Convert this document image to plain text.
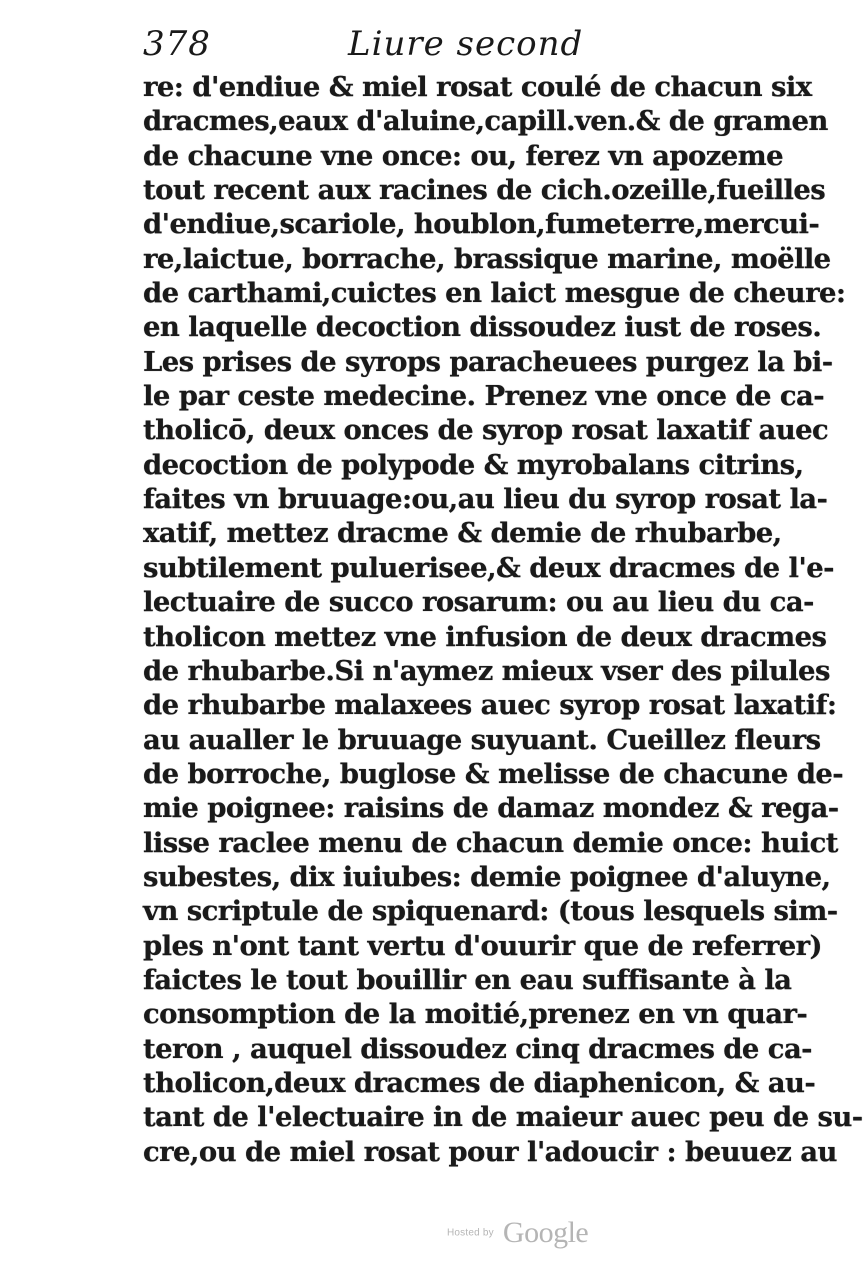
378	Liure second
re: d'endiue & miel rosat coulé de chacun six
dracmes,eaux d'aluine,capill.ven.& de gramen
de chacune vne once: ou, ferez vn apozeme
tout recent aux racines de cich.ozeille,fueilles
d'endiue,scariole, houblon,fumeterre,mercui-
re,laictue, borrache, brassique marine, moëlle
de carthami,cuictes en laict mesgue de cheure:
en laquelle decoction dissoudez iust de roses.
Les prises de syrops paracheuees purgez la bi-
le par ceste medecine. Prenez vne once de ca-
tholicō, deux onces de syrop rosat laxatif auec
decoction de polypode & myrobalans citrins,
faites vn bruuage:ou,au lieu du syrop rosat la-
xatif, mettez dracme & demie de rhubarbe,
subtilement puluerisee,& deux dracmes de l'e-
lectuaire de succo rosarum: ou au lieu du ca-
tholicon mettez vne infusion de deux dracmes
de rhubarbe.Si n'aymez mieux vser des pilules
de rhubarbe malaxees auec syrop rosat laxatif:
au aualler le bruuage suyuant. Cueillez fleurs
de borroche, buglose & melisse de chacune de-
mie poignee: raisins de damaz mondez & rega-
lisse raclee menu de chacun demie once: huict
subestes, dix iuiubes: demie poignee d'aluyne,
vn scriptule de spiquenard: (tous lesquels sim-
ples n'ont tant vertu d'ouurir que de referrer)
faictes le tout bouillir en eau suffisante à la
consomption de la moitié,prenez en vn quar-
teron , auquel dissoudez cinq dracmes de ca-
tholicon,deux dracmes de diaphenicon, & au-
tant de l'electuaire in de maieur auec peu de su-
cre,ou de miel rosat pour l'adoucir : beuuez au
Hosted by Google
